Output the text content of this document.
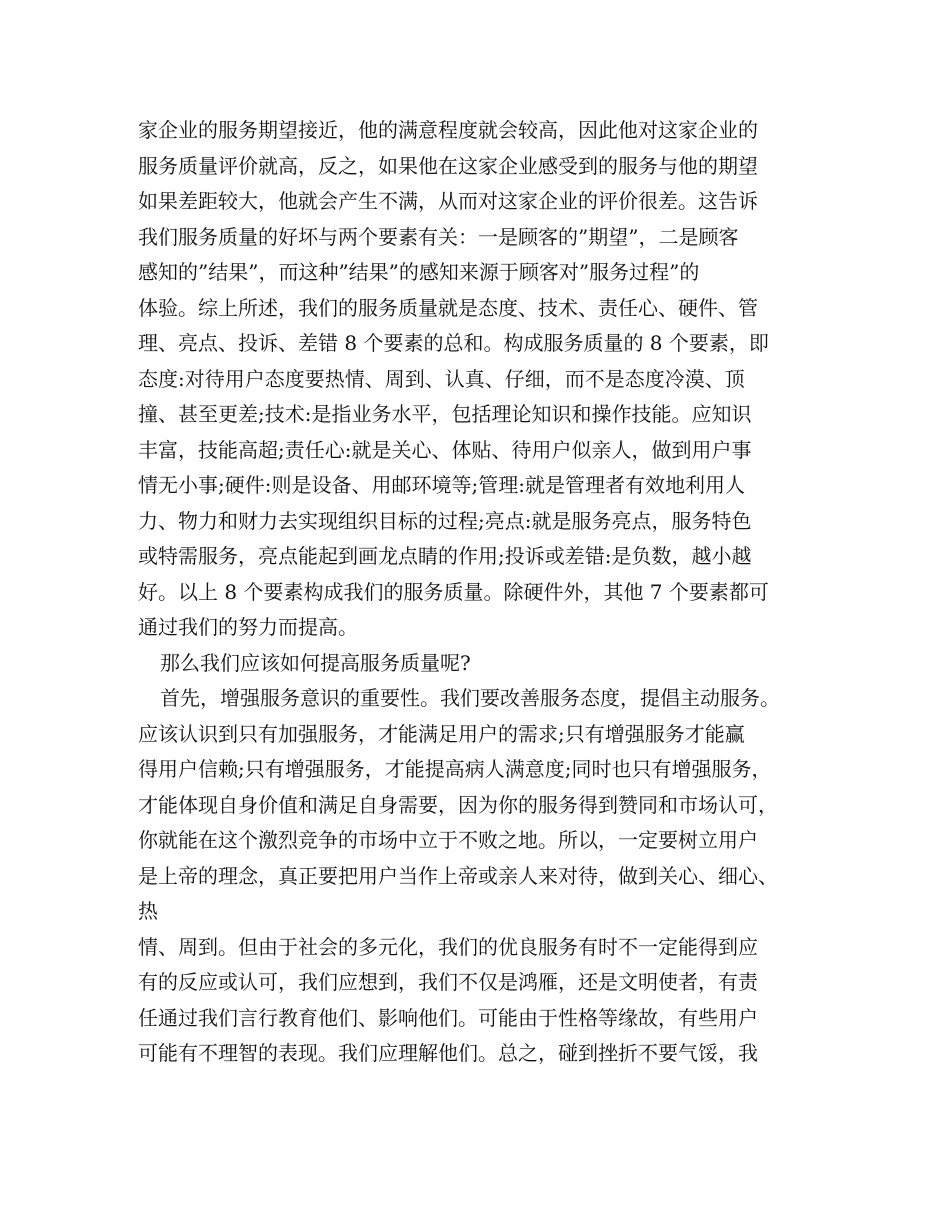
家企业的服务期望接近，他的满意程度就会较高，因此他对这家企业的
服务质量评价就高，反之，如果他在这家企业感受到的服务与他的期望
如果差距较大，他就会产生不满，从而对这家企业的评价很差。这告诉
我们服务质量的好坏与两个要素有关：一是顾客的”期望”，二是顾客
感知的”结果”，而这种”结果”的感知来源于顾客对”服务过程”的
体验。综上所述，我们的服务质量就是态度、技术、责任心、硬件、管
理、亮点、投诉、差错 8 个要素的总和。构成服务质量的 8 个要素，即
态度:对待用户态度要热情、周到、认真、仔细，而不是态度冷漠、顶
撞、甚至更差;技术:是指业务水平，包括理论知识和操作技能。应知识
丰富，技能高超;责任心:就是关心、体贴、待用户似亲人，做到用户事
情无小事;硬件:则是设备、用邮环境等;管理:就是管理者有效地利用人
力、物力和财力去实现组织目标的过程;亮点:就是服务亮点，服务特色
或特需服务，亮点能起到画龙点睛的作用;投诉或差错:是负数，越小越
好。以上 8 个要素构成我们的服务质量。除硬件外，其他 7 个要素都可
通过我们的努力而提高。
那么我们应该如何提高服务质量呢?
首先，增强服务意识的重要性。我们要改善服务态度，提倡主动服务。
应该认识到只有加强服务，才能满足用户的需求;只有增强服务才能赢
得用户信赖;只有增强服务，才能提高病人满意度;同时也只有增强服务，
才能体现自身价值和满足自身需要，因为你的服务得到赞同和市场认可，
你就能在这个激烈竞争的市场中立于不败之地。所以，一定要树立用户
是上帝的理念，真正要把用户当作上帝或亲人来对待，做到关心、细心、
热
情、周到。但由于社会的多元化，我们的优良服务有时不一定能得到应
有的反应或认可，我们应想到，我们不仅是鸿雁，还是文明使者，有责
任通过我们言行教育他们、影响他们。可能由于性格等缘故，有些用户
可能有不理智的表现。我们应理解他们。总之，碰到挫折不要气馁，我
